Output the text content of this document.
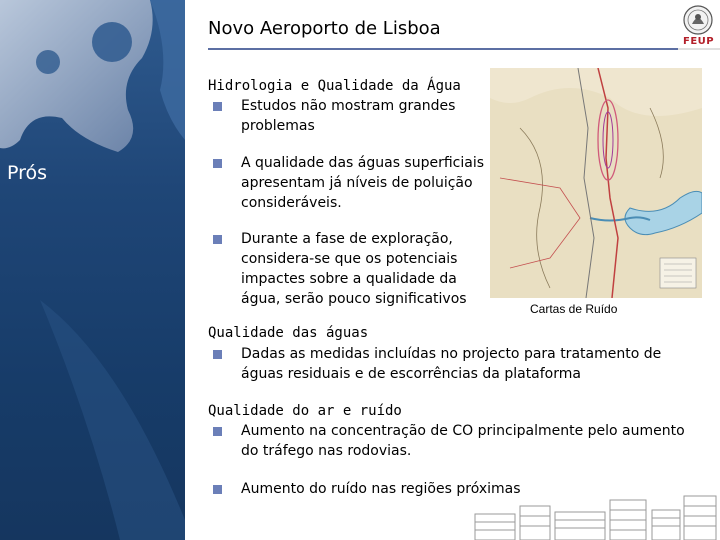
Prós
Novo Aeroporto de Lisboa
FEUP
Hidrologia e Qualidade da Água
Estudos não mostram grandes
problemas
A qualidade das águas superficiais
apresentam já níveis de poluição
consideráveis.
Durante a fase de exploração,
considera-se que os potenciais
impactes sobre a qualidade da
água, serão pouco significativos
Cartas de Ruído
Qualidade das águas
Dadas as medidas incluídas no projecto para tratamento de
águas residuais e de escorrências da plataforma
Qualidade do ar e ruído
Aumento na concentração de CO principalmente pelo aumento
do tráfego nas rodovias.
Aumento do ruído nas regiões próximas
